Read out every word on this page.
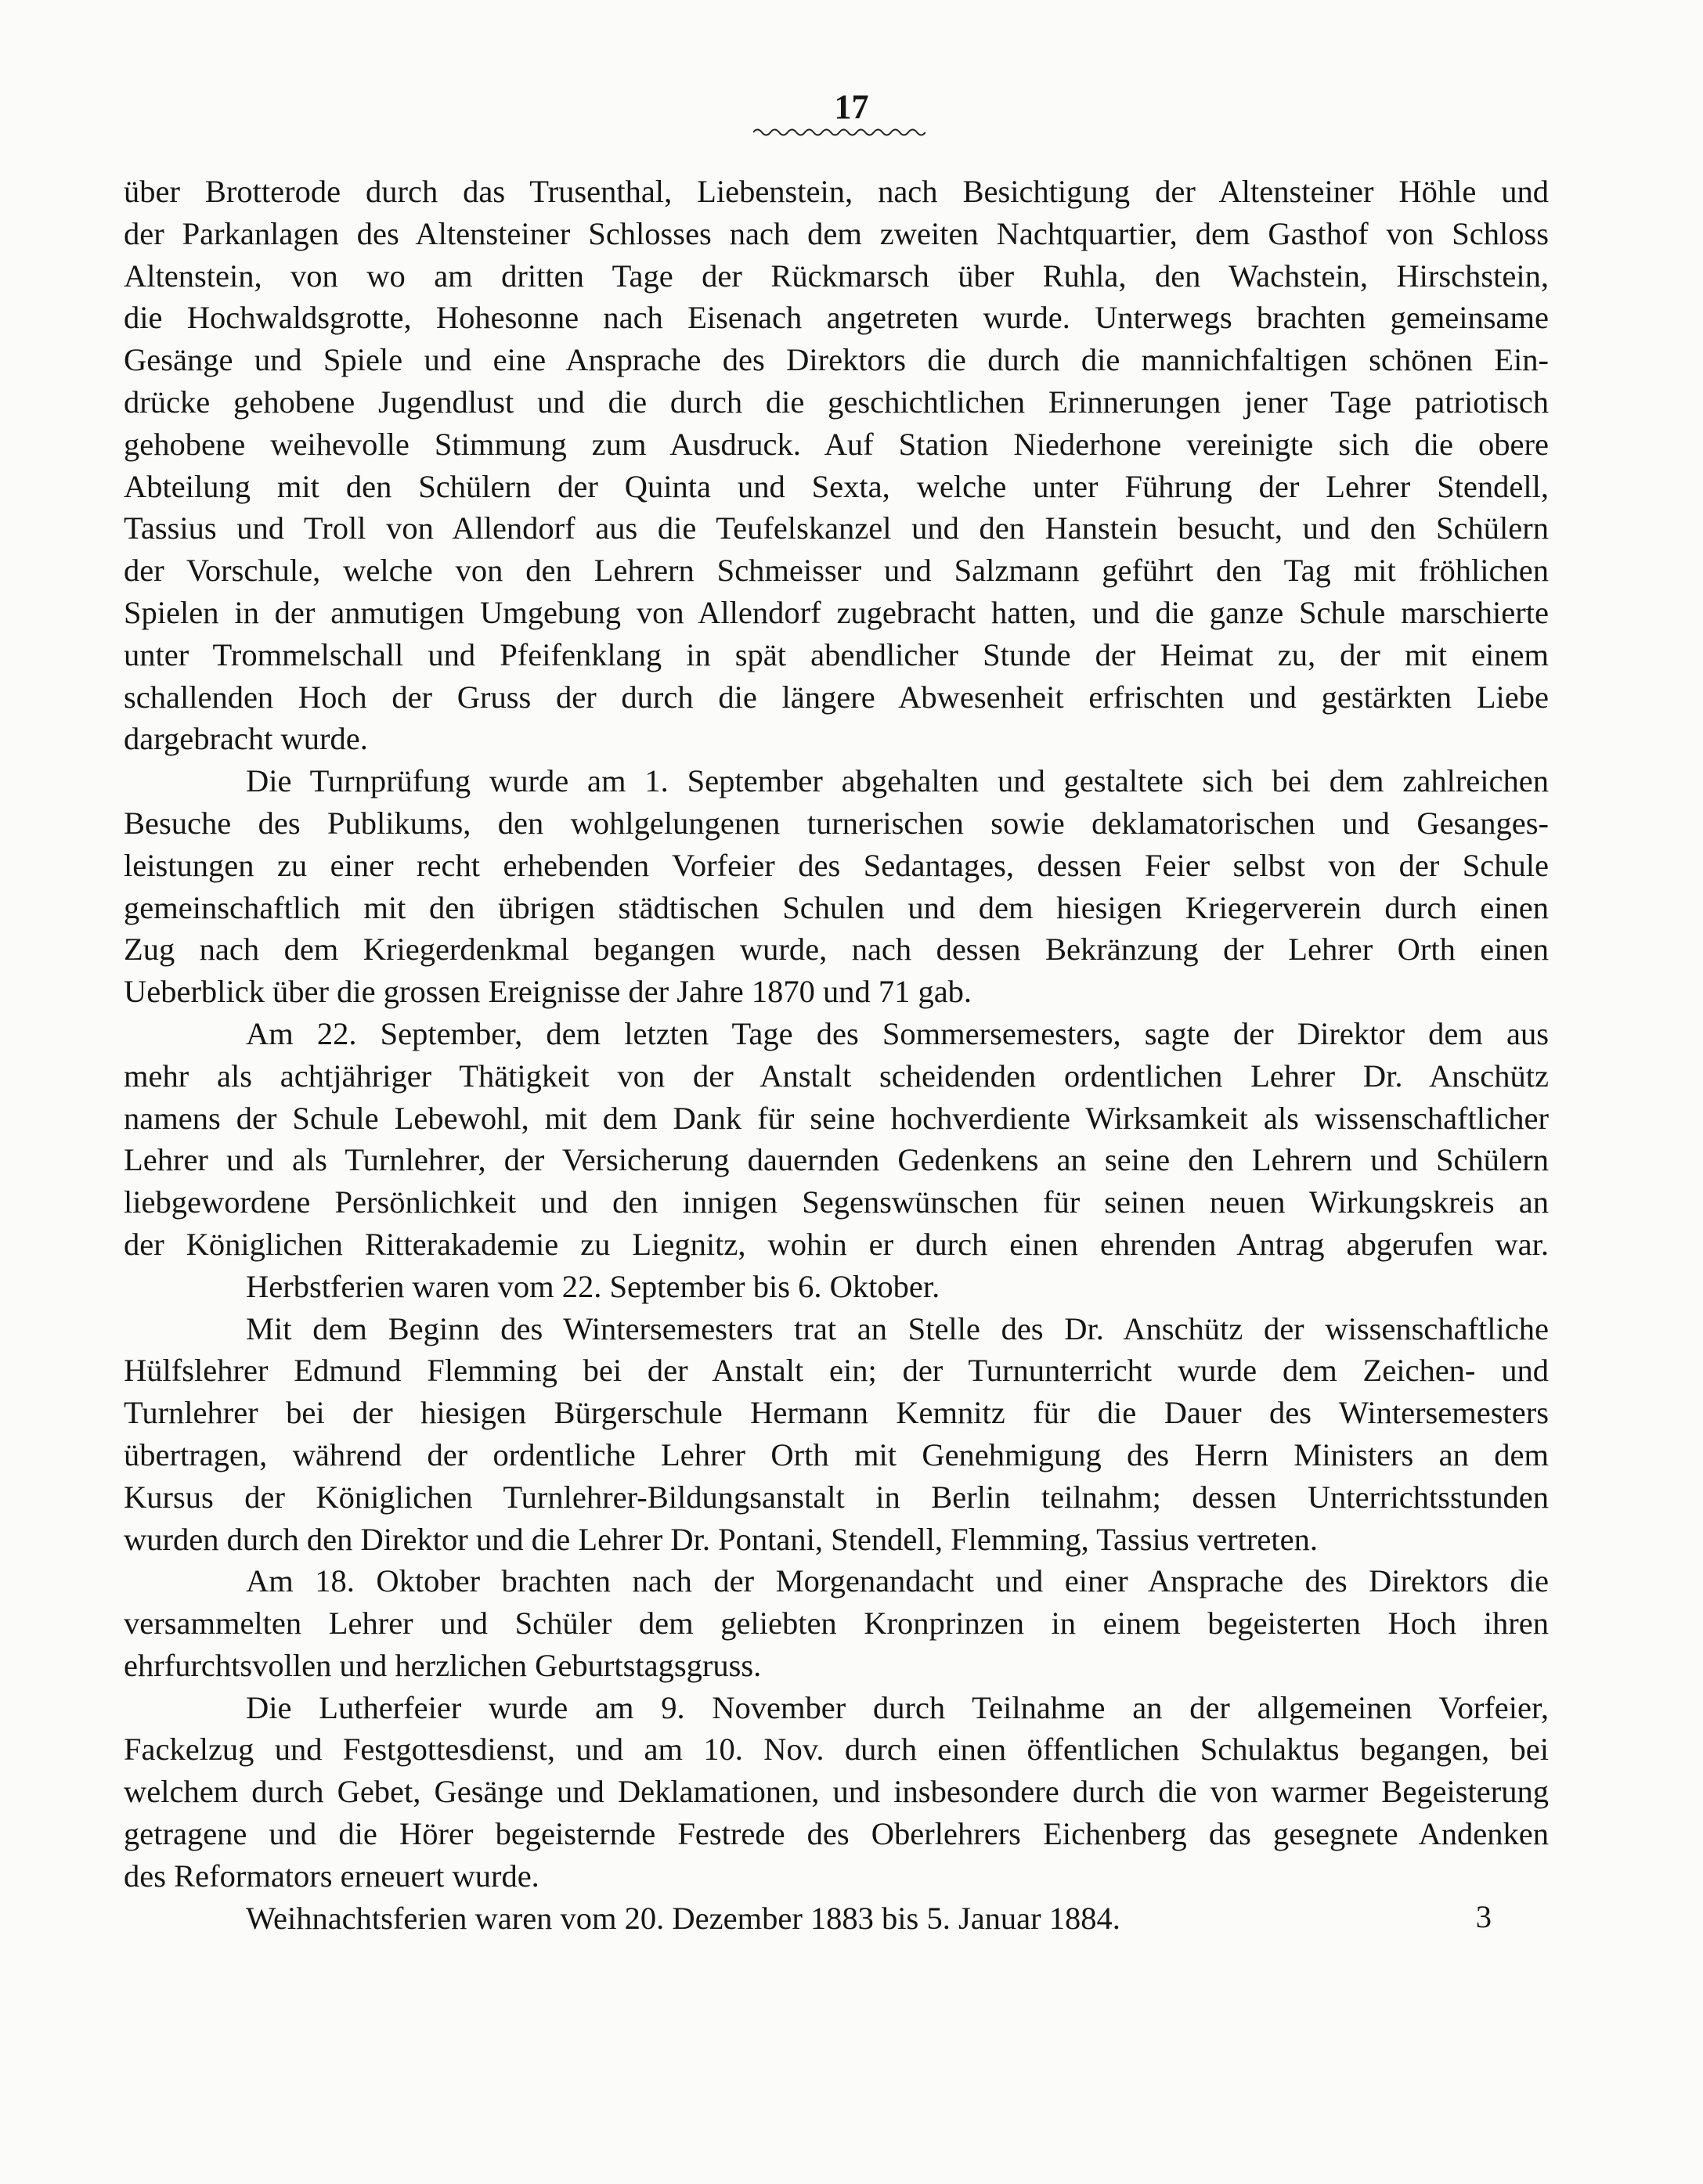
17
über Brotterode durch das Trusenthal, Liebenstein, nach Besichtigung der Altensteiner Höhle und
der Parkanlagen des Altensteiner Schlosses nach dem zweiten Nachtquartier, dem Gasthof von Schloss
Altenstein, von wo am dritten Tage der Rückmarsch über Ruhla, den Wachstein, Hirschstein,
die Hochwaldsgrotte, Hohesonne nach Eisenach angetreten wurde. Unterwegs brachten gemeinsame
Gesänge und Spiele und eine Ansprache des Direktors die durch die mannichfaltigen schönen Ein-
drücke gehobene Jugendlust und die durch die geschichtlichen Erinnerungen jener Tage patriotisch
gehobene weihevolle Stimmung zum Ausdruck. Auf Station Niederhone vereinigte sich die obere
Abteilung mit den Schülern der Quinta und Sexta, welche unter Führung der Lehrer Stendell,
Tassius und Troll von Allendorf aus die Teufelskanzel und den Hanstein besucht, und den Schülern
der Vorschule, welche von den Lehrern Schmeisser und Salzmann geführt den Tag mit fröhlichen
Spielen in der anmutigen Umgebung von Allendorf zugebracht hatten, und die ganze Schule marschierte
unter Trommelschall und Pfeifenklang in spät abendlicher Stunde der Heimat zu, der mit einem
schallenden Hoch der Gruss der durch die längere Abwesenheit erfrischten und gestärkten Liebe
dargebracht wurde.
Die Turnprüfung wurde am 1. September abgehalten und gestaltete sich bei dem zahlreichen
Besuche des Publikums, den wohlgelungenen turnerischen sowie deklamatorischen und Gesanges-
leistungen zu einer recht erhebenden Vorfeier des Sedantages, dessen Feier selbst von der Schule
gemeinschaftlich mit den übrigen städtischen Schulen und dem hiesigen Kriegerverein durch einen
Zug nach dem Kriegerdenkmal begangen wurde, nach dessen Bekränzung der Lehrer Orth einen
Ueberblick über die grossen Ereignisse der Jahre 1870 und 71 gab.
Am 22. September, dem letzten Tage des Sommersemesters, sagte der Direktor dem aus
mehr als achtjähriger Thätigkeit von der Anstalt scheidenden ordentlichen Lehrer Dr. Anschütz
namens der Schule Lebewohl, mit dem Dank für seine hochverdiente Wirksamkeit als wissenschaftlicher
Lehrer und als Turnlehrer, der Versicherung dauernden Gedenkens an seine den Lehrern und Schülern
liebgewordene Persönlichkeit und den innigen Segenswünschen für seinen neuen Wirkungskreis an
der Königlichen Ritterakademie zu Liegnitz, wohin er durch einen ehrenden Antrag abgerufen war.
Herbstferien waren vom 22. September bis 6. Oktober.
Mit dem Beginn des Wintersemesters trat an Stelle des Dr. Anschütz der wissenschaftliche
Hülfslehrer Edmund Flemming bei der Anstalt ein; der Turnunterricht wurde dem Zeichen- und
Turnlehrer bei der hiesigen Bürgerschule Hermann Kemnitz für die Dauer des Wintersemesters
übertragen, während der ordentliche Lehrer Orth mit Genehmigung des Herrn Ministers an dem
Kursus der Königlichen Turnlehrer-Bildungsanstalt in Berlin teilnahm; dessen Unterrichtsstunden
wurden durch den Direktor und die Lehrer Dr. Pontani, Stendell, Flemming, Tassius vertreten.
Am 18. Oktober brachten nach der Morgenandacht und einer Ansprache des Direktors die
versammelten Lehrer und Schüler dem geliebten Kronprinzen in einem begeisterten Hoch ihren
ehrfurchtsvollen und herzlichen Geburtstagsgruss.
Die Lutherfeier wurde am 9. November durch Teilnahme an der allgemeinen Vorfeier,
Fackelzug und Festgottesdienst, und am 10. Nov. durch einen öffentlichen Schulaktus begangen, bei
welchem durch Gebet, Gesänge und Deklamationen, und insbesondere durch die von warmer Begeisterung
getragene und die Hörer begeisternde Festrede des Oberlehrers Eichenberg das gesegnete Andenken
des Reformators erneuert wurde.
Weihnachtsferien waren vom 20. Dezember 1883 bis 5. Januar 1884.	3
